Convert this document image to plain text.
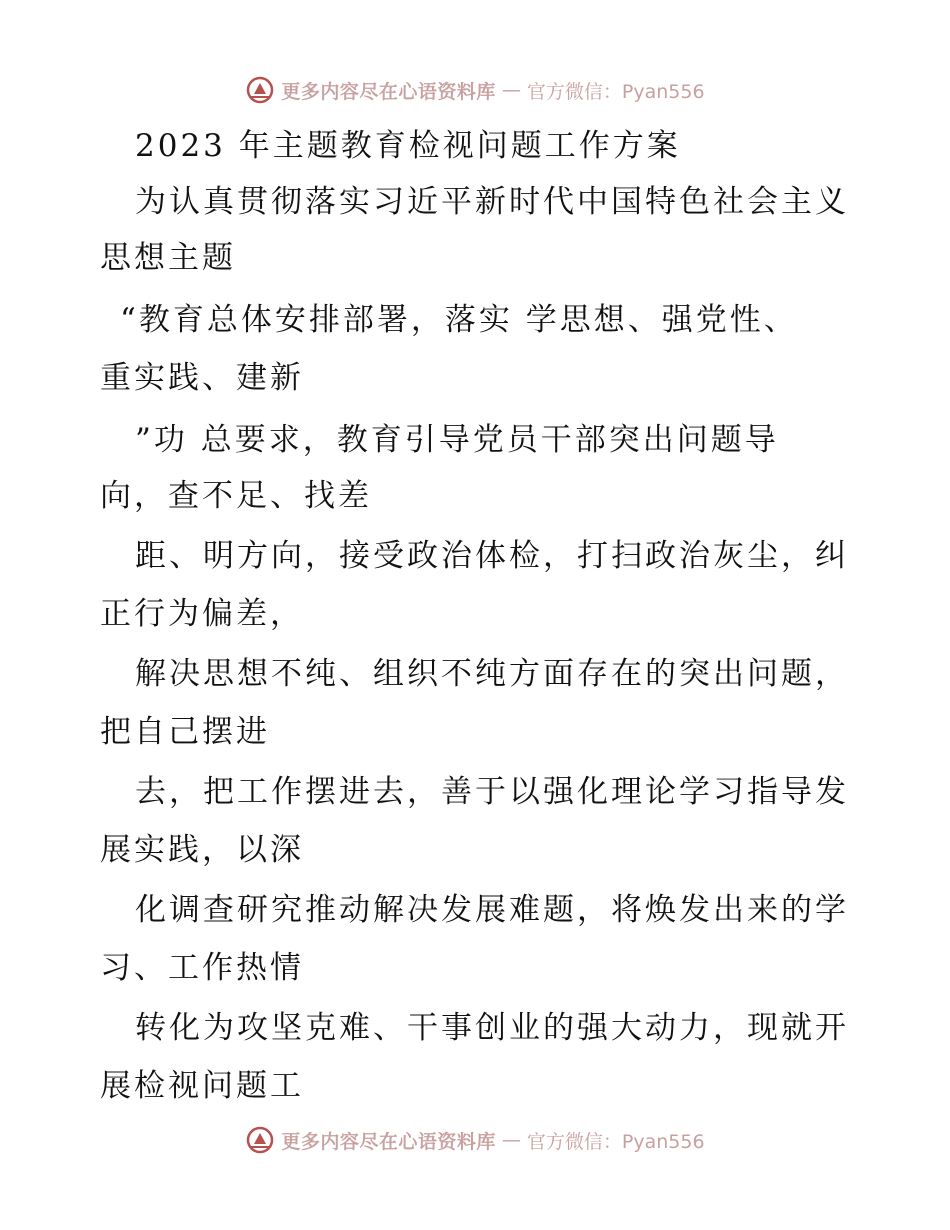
更多内容尽在心语资料库 — 官方微信：Pyan556
2023 年主题教育检视问题工作方案
为认真贯彻落实习近平新时代中国特色社会主义
思想主题
“教育总体安排部署，落实 学思想、强党性、
重实践、建新
”功 总要求，教育引导党员干部突出问题导
向，查不足、找差
距、明方向，接受政治体检，打扫政治灰尘，纠
正行为偏差，
解决思想不纯、组织不纯方面存在的突出问题，
把自己摆进
去，把工作摆进去，善于以强化理论学习指导发
展实践，以深
化调查研究推动解决发展难题，将焕发出来的学
习、工作热情
转化为攻坚克难、干事创业的强大动力，现就开
展检视问题工
更多内容尽在心语资料库 — 官方微信：Pyan556
